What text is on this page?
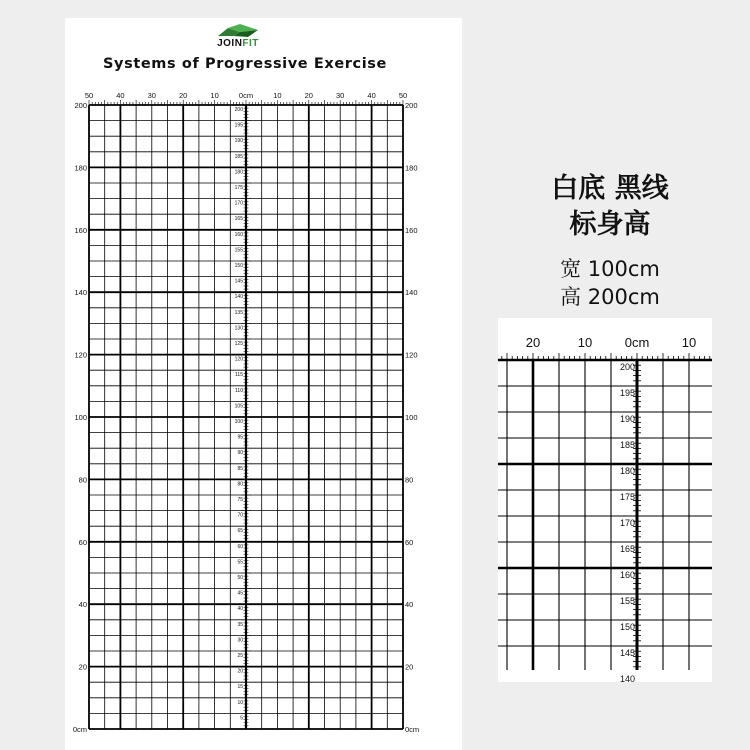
JOINFIT
Systems of Progressive Exercise
50	40	30	20	10	0cm	10	20	30	40	50
200	200
180	180
160	160
140	140
120	120
100	100
80	80
60	60
40	40
20	20
0cm	0cm
200
195
190
185
180
175
170
165
160
155
150
145
140
135
130
125
120
115
110
105
100
95
90
85
80
75
70
65
60
55
50
45
40
35
30
25
20
15
10
5
白底 黑线
标身高
宽 100cm
高 200cm
20	10 0cm 10
200
195
190
185
180
175
170
165
160
155
150
145
140
